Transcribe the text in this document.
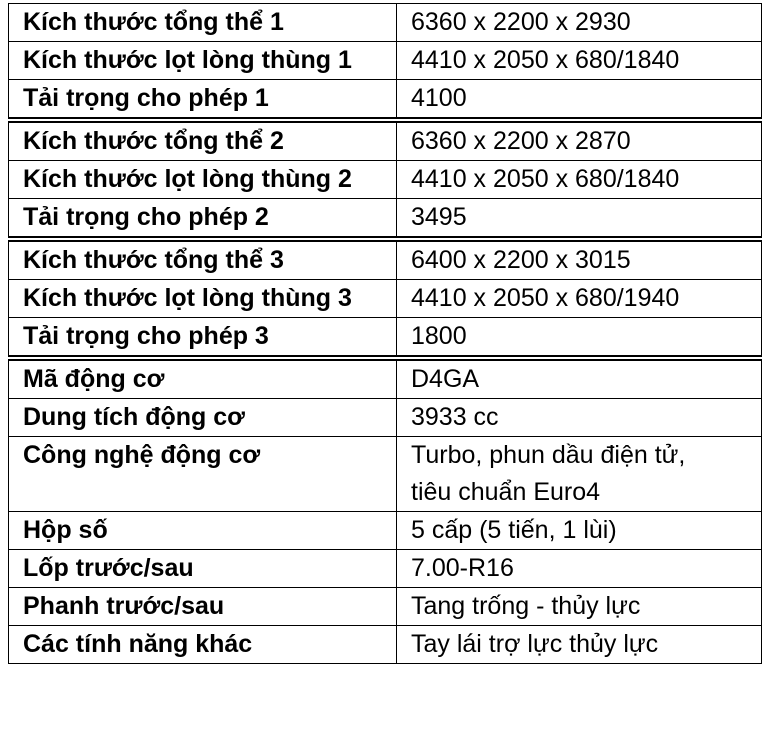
Kích thước tổng thể 1	6360 x 2200 x 2930
Kích thước lọt lòng thùng 1	4410 x 2050 x 680/1840
Tải trọng cho phép 1	4100
Kích thước tổng thể 2	6360 x 2200 x 2870
Kích thước lọt lòng thùng 2	4410 x 2050 x 680/1840
Tải trọng cho phép 2	3495
Kích thước tổng thể 3	6400 x 2200 x 3015
Kích thước lọt lòng thùng 3	4410 x 2050 x 680/1940
Tải trọng cho phép 3	1800
Mã động cơ	D4GA
Dung tích động cơ	3933 cc
Công nghệ động cơ	Turbo, phun dầu điện tử,
tiêu chuẩn Euro4

Hộp số	5 cấp (5 tiến, 1 lùi)
Lốp trước/sau	7.00-R16
Phanh trước/sau	Tang trống - thủy lực
Các tính năng khác	Tay lái trợ lực thủy lực
